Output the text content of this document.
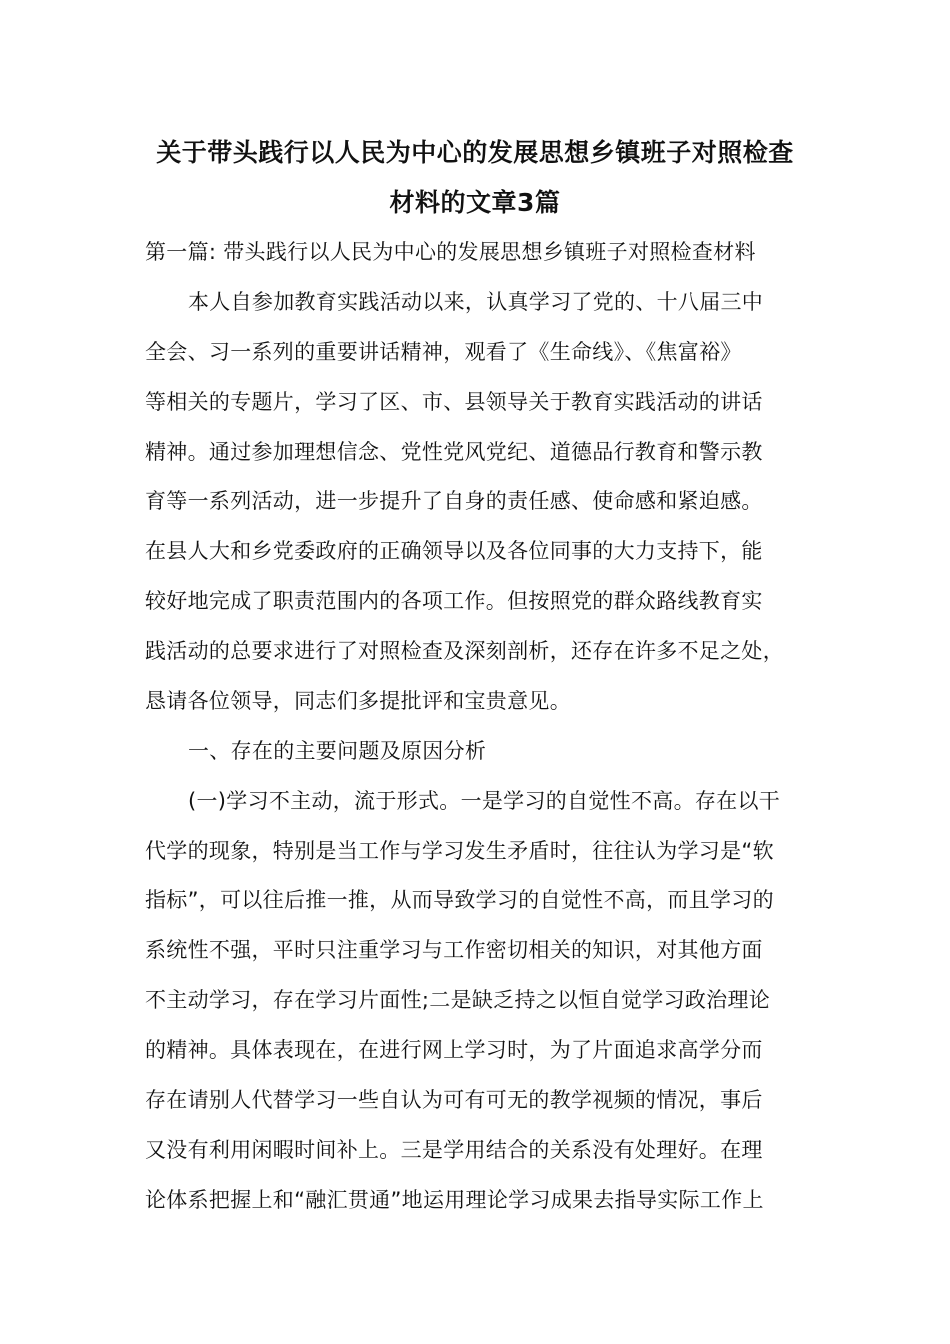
关于带头践行以人民为中心的发展思想乡镇班子对照检查
材料的文章3篇
第一篇: 带头践行以人民为中心的发展思想乡镇班子对照检查材料
本人自参加教育实践活动以来，认真学习了党的、十八届三中
全会、习一系列的重要讲话精神，观看了《生命线》、《焦富裕》
等相关的专题片，学习了区、市、县领导关于教育实践活动的讲话
精神。通过参加理想信念、党性党风党纪、道德品行教育和警示教
育等一系列活动，进一步提升了自身的责任感、使命感和紧迫感。
在县人大和乡党委政府的正确领导以及各位同事的大力支持下，能
较好地完成了职责范围内的各项工作。但按照党的群众路线教育实
践活动的总要求进行了对照检查及深刻剖析，还存在许多不足之处，
恳请各位领导，同志们多提批评和宝贵意见。
一、存在的主要问题及原因分析
(一)学习不主动，流于形式。一是学习的自觉性不高。存在以干
代学的现象，特别是当工作与学习发生矛盾时，往往认为学习是“软
指标”，可以往后推一推，从而导致学习的自觉性不高，而且学习的
系统性不强，平时只注重学习与工作密切相关的知识，对其他方面
不主动学习，存在学习片面性;二是缺乏持之以恒自觉学习政治理论
的精神。具体表现在，在进行网上学习时，为了片面追求高学分而
存在请别人代替学习一些自认为可有可无的教学视频的情况，事后
又没有利用闲暇时间补上。三是学用结合的关系没有处理好。在理
论体系把握上和“融汇贯通”地运用理论学习成果去指导实际工作上
